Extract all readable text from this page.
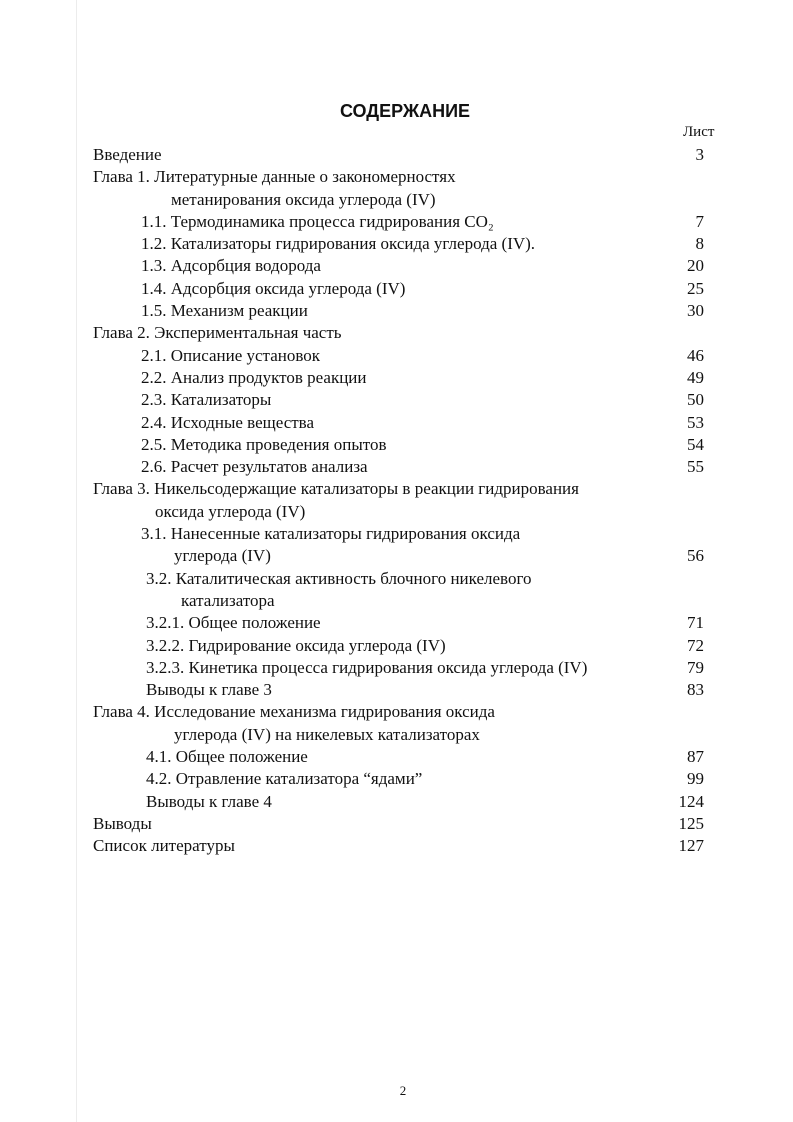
СОДЕРЖАНИЕ
Лист
Введение	3
Глава 1. Литературные данные о закономерностях
метанирования оксида углерода (IV)
1.1. Термодинамика процесса гидрирования CO₂	7
1.2. Катализаторы гидрирования оксида углерода (IV).	8
1.3. Адсорбция водорода	20
1.4. Адсорбция оксида углерода (IV)	25
1.5. Механизм реакции	30
Глава 2. Экспериментальная часть
2.1. Описание установок	46
2.2. Анализ продуктов реакции	49
2.3. Катализаторы	50
2.4. Исходные вещества	53
2.5. Методика проведения опытов	54
2.6. Расчет результатов анализа	55
Глава 3. Никельсодержащие катализаторы в реакции гидрирования
оксида углерода (IV)
3.1. Нанесенные катализаторы гидрирования оксида
углерода (IV)	56
3.2. Каталитическая активность блочного никелевого
катализатора
3.2.1. Общее положение	71
3.2.2. Гидрирование оксида углерода (IV)	72
3.2.3. Кинетика процесса гидрирования оксида углерода (IV)	79
Выводы к главе 3	83
Глава 4. Исследование механизма гидрирования оксида
углерода (IV) на никелевых катализаторах
4.1. Общее положение	87
4.2. Отравление катализатора “ядами”	99
Выводы к главе 4	124
Выводы	125
Список литературы	127
2
